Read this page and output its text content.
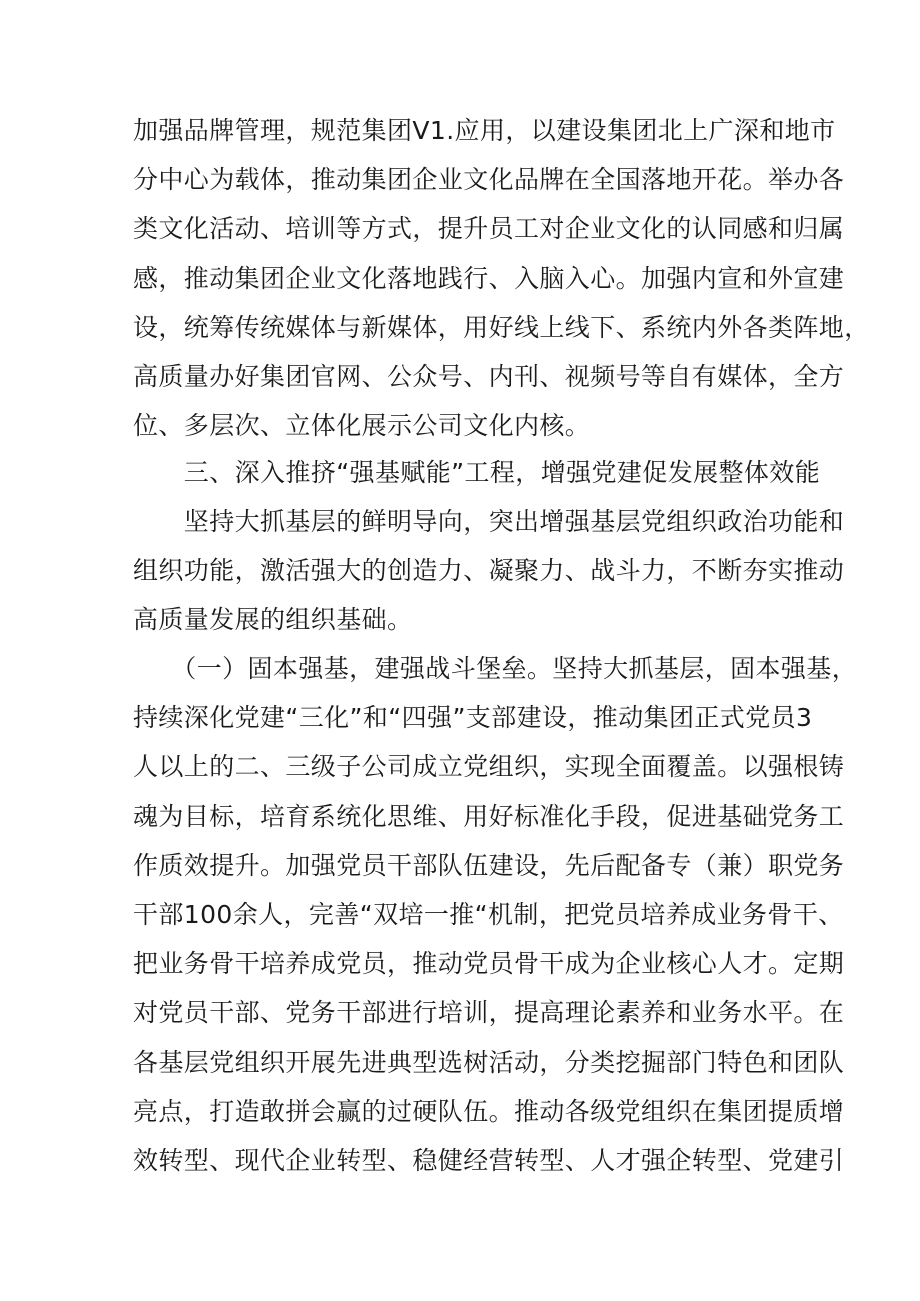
加强品牌管理，规范集团V1.应用，以建设集团北上广深和地市
分中心为载体，推动集团企业文化品牌在全国落地开花。举办各
类文化活动、培训等方式，提升员工对企业文化的认同感和归属
感，推动集团企业文化落地践行、入脑入心。加强内宣和外宣建
设，统筹传统媒体与新媒体，用好线上线下、系统内外各类阵地，
高质量办好集团官网、公众号、内刊、视频号等自有媒体，全方
位、多层次、立体化展示公司文化内核。
　　三、深入推挤“强基赋能”工程，增强党建促发展整体效能
　　坚持大抓基层的鲜明导向，突出增强基层党组织政治功能和
组织功能，激活强大的创造力、凝聚力、战斗力，不断夯实推动
高质量发展的组织基础。
　　（一）固本强基，建强战斗堡垒。坚持大抓基层，固本强基，
持续深化党建“三化”和“四强”支部建设，推动集团正式党员3
人以上的二、三级子公司成立党组织，实现全面覆盖。以强根铸
魂为目标，培育系统化思维、用好标准化手段，促进基础党务工
作质效提升。加强党员干部队伍建设，先后配备专（兼）职党务
干部100余人，完善“双培一推“机制，把党员培养成业务骨干、
把业务骨干培养成党员，推动党员骨干成为企业核心人才。定期
对党员干部、党务干部进行培训，提高理论素养和业务水平。在
各基层党组织开展先进典型选树活动，分类挖掘部门特色和团队
亮点，打造敢拼会赢的过硬队伍。推动各级党组织在集团提质增
效转型、现代企业转型、稳健经营转型、人才强企转型、党建引
